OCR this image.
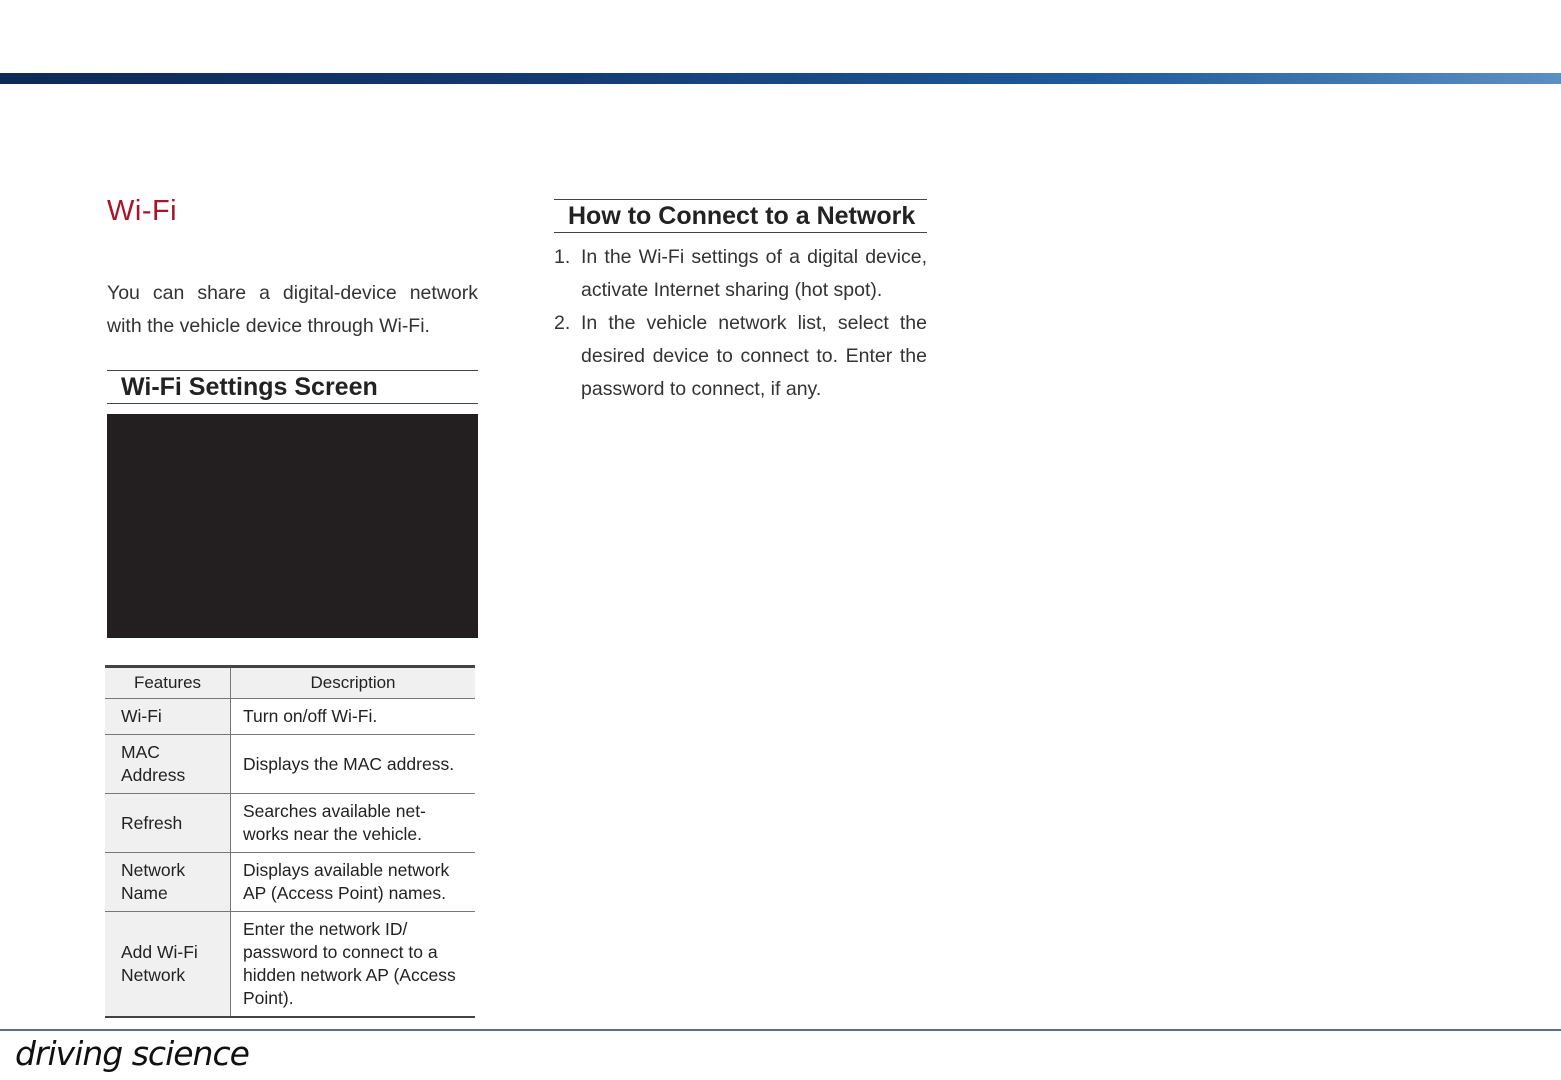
Wi-Fi

You can share a digital-device network with the vehicle device through Wi-Fi.

Wi-Fi Settings Screen
Features	Description
Wi-Fi	Turn on/off Wi-Fi.
MAC Address	Displays the MAC address.
Refresh	Searches available net-works near the vehicle.
Network Name	Displays available network AP (Access Point) names.
Add Wi-Fi Network	Enter the network ID/ password to connect to a hidden network AP (Access Point).
How to Connect to a Network
1. In the Wi-Fi settings of a digital device, activate Internet sharing (hot spot).
2. In the vehicle network list, select the desired device to connect to. Enter the password to connect, if any.
driving science
